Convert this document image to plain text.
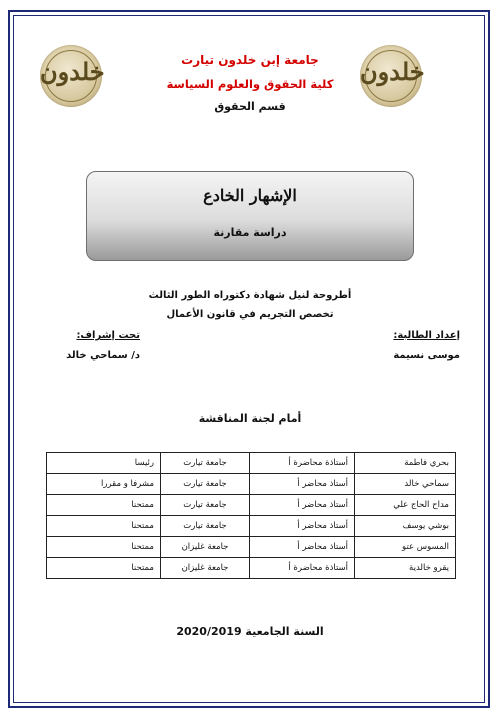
خلدون	خلدون
جامعة إبن خلدون تيارت
كلية الحقوق والعلوم السياسة
قسم الحقوق
الإشهار الخادع
دراسة مقارنة
أطروحة لنيل شهادة دكتوراه الطور الثالث
تخصص التجريم في قانون الأعمال
إعداد الطالبة:
تحت إشراف:
موسى نسيمة
د/ سماحي خالد
أمام لجنة المناقشة
بحري فاطمة	أستاذة محاضرة أ	جامعة تيارت	رئيسا
سماحي خالد	أستاذ محاضر أ	جامعة تيارت	مشرفا و مقررا
مداح الحاج علي	أستاذ محاضر أ	جامعة تيارت	ممتحنا
بوشي يوسف	أستاذ محاضر أ	جامعة تيارت	ممتحنا
المسوس عتو	أستاذ محاضر أ	جامعة غليزان	ممتحنا
يقرو خالدية	أستاذة محاضرة أ	جامعة غليزان	ممتحنا
السنة الجامعية 2020/2019
